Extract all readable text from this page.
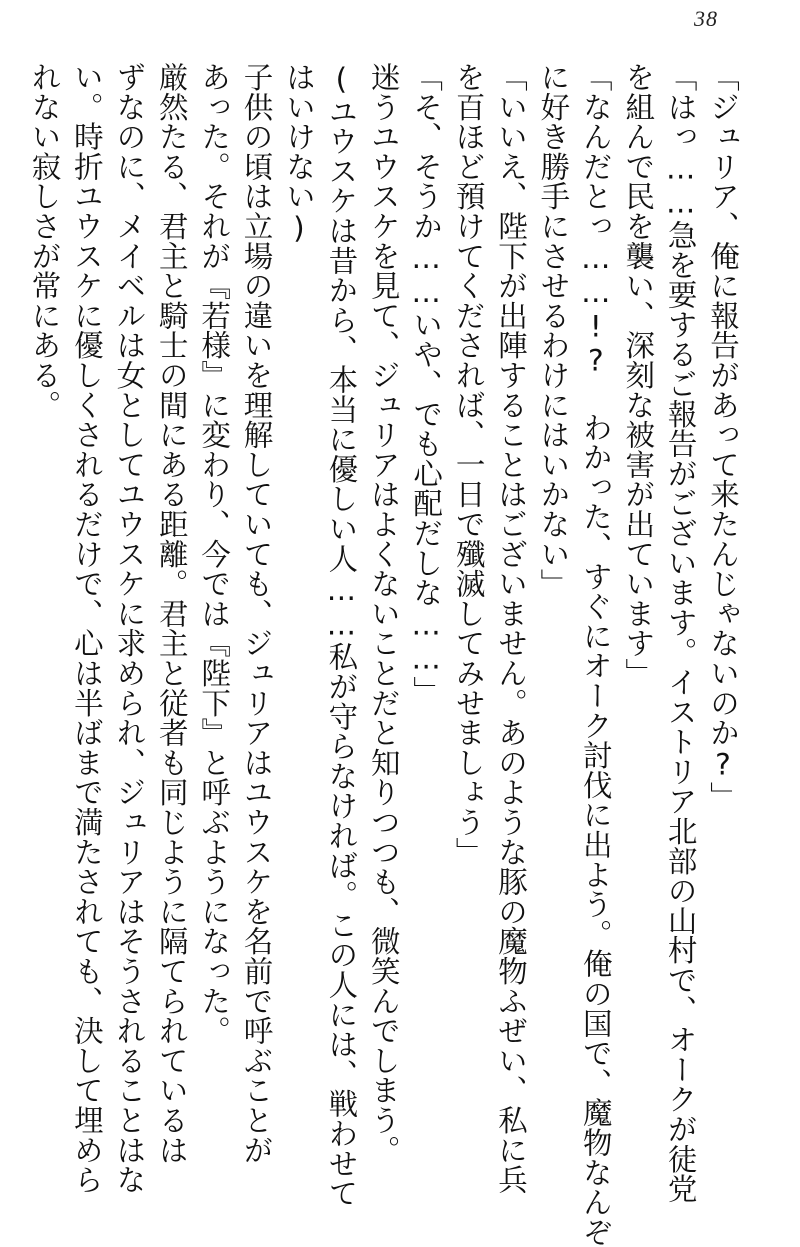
38
「ジュリア、俺に報告があって来たんじゃないのか?」
「はっ……急を要するご報告がございます。イストリア北部の山村で、オークが徒党
を組んで民を襲い、深刻な被害が出ています」
「なんだとっ……!? わかった、すぐにオーク討伐に出よう。俺の国で、魔物なんぞ
に好き勝手にさせるわけにはいかない」
「いいえ、陛下が出陣することはございません。あのような豚の魔物ふぜい、私に兵
を百ほど預けてくだされば、一日で殲滅してみせましょう」
「そ、そうか……いや、でも心配だしな……」
迷うユウスケを見て、ジュリアはよくないことだと知りつつも、微笑んでしまう。
(ユウスケは昔から、本当に優しい人……私が守らなければ。この人には、戦わせて
はいけない)
子供の頃は立場の違いを理解していても、ジュリアはユウスケを名前で呼ぶことが
あった。それが『若様』に変わり、今では『陛下』と呼ぶようになった。
厳然たる、君主と騎士の間にある距離。君主と従者も同じように隔てられているは
ずなのに、メイベルは女としてユウスケに求められ、ジュリアはそうされることはな
い。時折ユウスケに優しくされるだけで、心は半ばまで満たされても、決して埋めら
れない寂しさが常にある。
